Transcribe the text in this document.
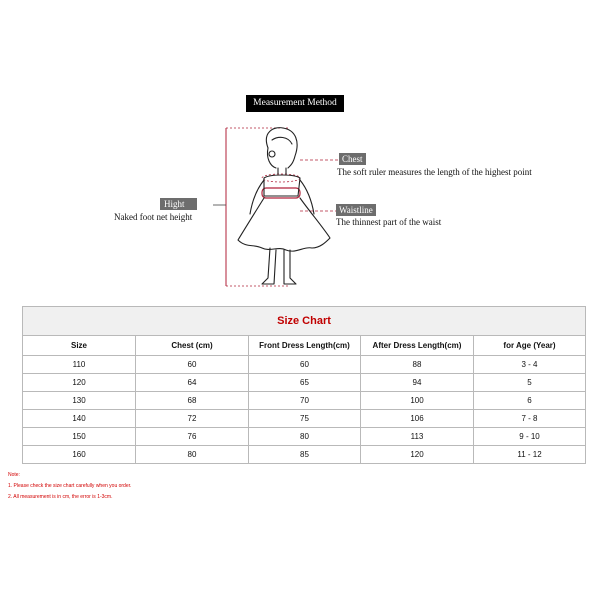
Measurement Method
Chest
The soft ruler measures the length of the highest point
Waistline
The thinnest part of the waist
Hight
Naked foot net height
Size Chart				
Size	Chest (cm)	Front Dress Length(cm)	After Dress Length(cm)	for Age (Year)
110	60	60	88	3 - 4
120	64	65	94	5
130	68	70	100	6
140	72	75	106	7 - 8
150	76	80	113	9 - 10
160	80	85	120	11 - 12
Note:
1. Please check the size chart carefully when you order.
2. All measurement is in cm, the error is 1-3cm.
